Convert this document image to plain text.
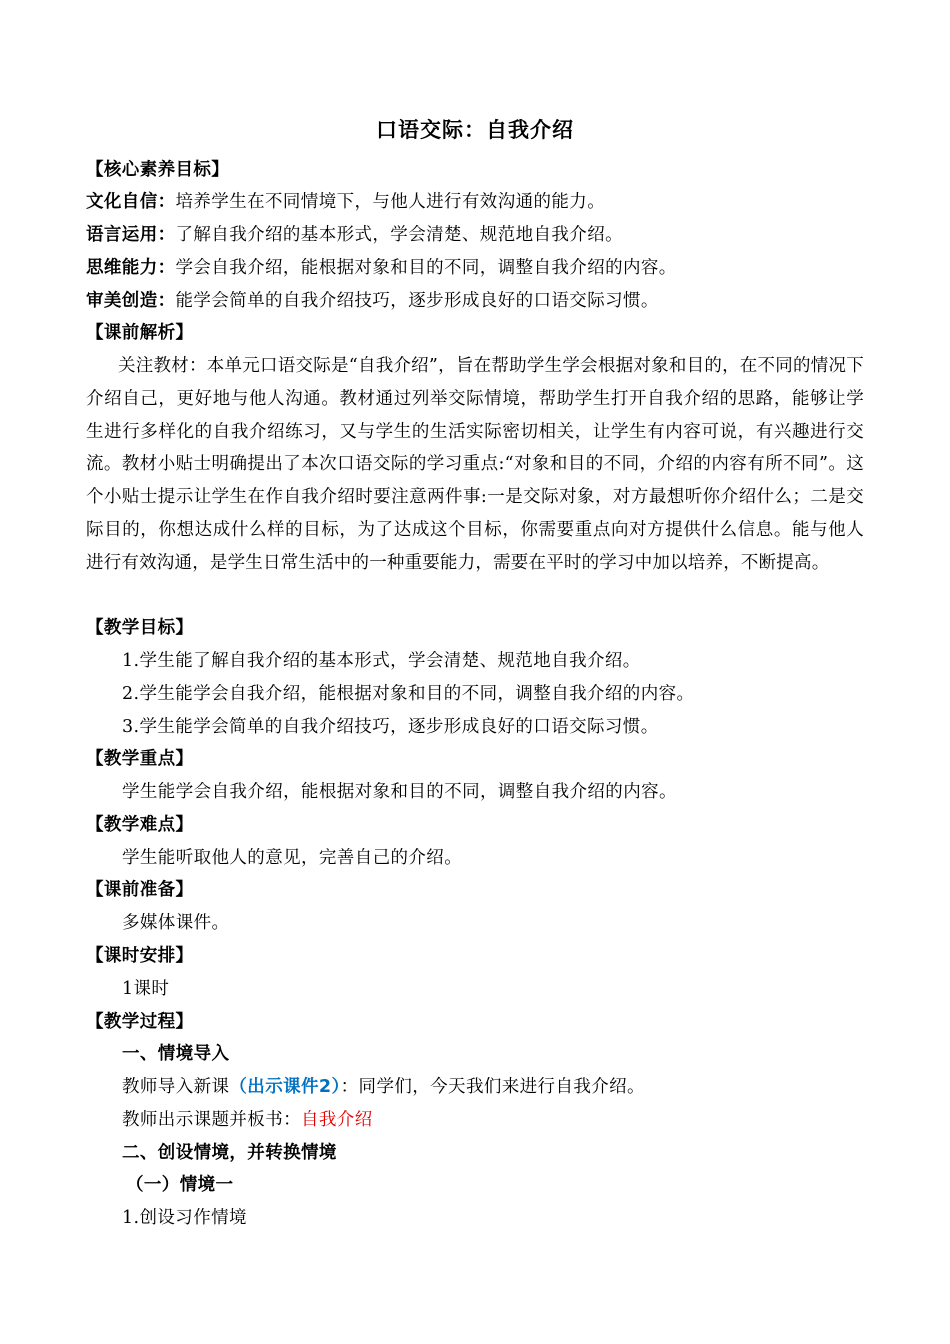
口语交际：自我介绍
【核心素养目标】
文化自信：培养学生在不同情境下，与他人进行有效沟通的能力。
语言运用：了解自我介绍的基本形式，学会清楚、规范地自我介绍。
思维能力：学会自我介绍，能根据对象和目的不同，调整自我介绍的内容。
审美创造：能学会简单的自我介绍技巧，逐步形成良好的口语交际习惯。
【课前解析】
关注教材：本单元口语交际是“自我介绍”，旨在帮助学生学会根据对象和目的，在不同的情况下介绍自己，更好地与他人沟通。教材通过列举交际情境，帮助学生打开自我介绍的思路，能够让学生进行多样化的自我介绍练习，又与学生的生活实际密切相关，让学生有内容可说，有兴趣进行交流。教材小贴士明确提出了本次口语交际的学习重点:“对象和目的不同，介绍的内容有所不同”。这个小贴士提示让学生在作自我介绍时要注意两件事:一是交际对象，对方最想听你介绍什么；二是交际目的，你想达成什么样的目标，为了达成这个目标，你需要重点向对方提供什么信息。能与他人进行有效沟通，是学生日常生活中的一种重要能力，需要在平时的学习中加以培养，不断提高。
【教学目标】
1.学生能了解自我介绍的基本形式，学会清楚、规范地自我介绍。
2.学生能学会自我介绍，能根据对象和目的不同，调整自我介绍的内容。
3.学生能学会简单的自我介绍技巧，逐步形成良好的口语交际习惯。
【教学重点】
学生能学会自我介绍，能根据对象和目的不同，调整自我介绍的内容。
【教学难点】
学生能听取他人的意见，完善自己的介绍。
【课前准备】
多媒体课件。
【课时安排】
1课时
【教学过程】
一、情境导入
教师导入新课（出示课件2）：同学们，今天我们来进行自我介绍。
教师出示课题并板书：自我介绍
二、创设情境，并转换情境
（一）情境一
1.创设习作情境
